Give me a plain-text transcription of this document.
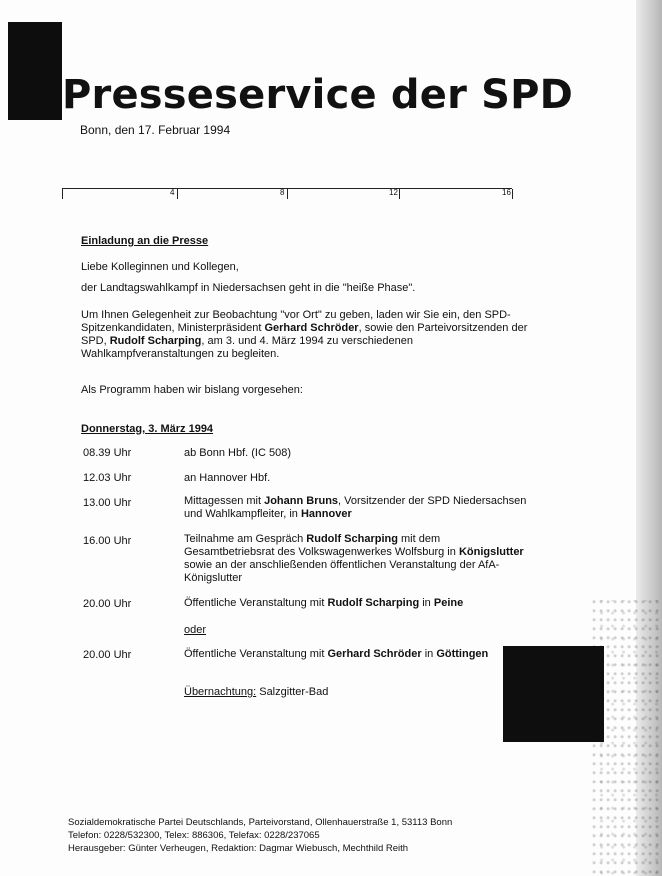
Presseservice der SPD
Bonn, den 17. Februar 1994
4	8	12	16
Einladung an die Presse
Liebe Kolleginnen und Kollegen,
der Landtagswahlkampf in Niedersachsen geht in die "heiße Phase".
Um Ihnen Gelegenheit zur Beobachtung "vor Ort" zu geben, laden wir Sie ein, den SPD-
Spitzenkandidaten, Ministerpräsident Gerhard Schröder, sowie den Parteivorsitzenden der
SPD, Rudolf Scharping, am 3. und 4. März 1994 zu verschiedenen
Wahlkampfveranstaltungen zu begleiten.
Als Programm haben wir bislang vorgesehen:
Donnerstag, 3. März 1994
08.39 Uhr	ab Bonn Hbf. (IC 508)
12.03 Uhr	an Hannover Hbf.
13.00 Uhr	Mittagessen mit Johann Bruns, Vorsitzender der SPD Niedersachsen
und Wahlkampfleiter, in Hannover
16.00 Uhr	Teilnahme am Gespräch Rudolf Scharping mit dem
Gesamtbetriebsrat des Volkswagenwerkes Wolfsburg in Königslutter
sowie an der anschließenden öffentlichen Veranstaltung der AfA-
Königslutter
20.00 Uhr	Öffentliche Veranstaltung mit Rudolf Scharping in Peine
oder
20.00 Uhr	Öffentliche Veranstaltung mit Gerhard Schröder in Göttingen
Übernachtung: Salzgitter-Bad
Sozialdemokratische Partei Deutschlands, Parteivorstand, Ollenhauerstraße 1, 53113 Bonn
Telefon: 0228/532300, Telex: 886306, Telefax: 0228/237065
Herausgeber: Günter Verheugen, Redaktion: Dagmar Wiebusch, Mechthild Reith
